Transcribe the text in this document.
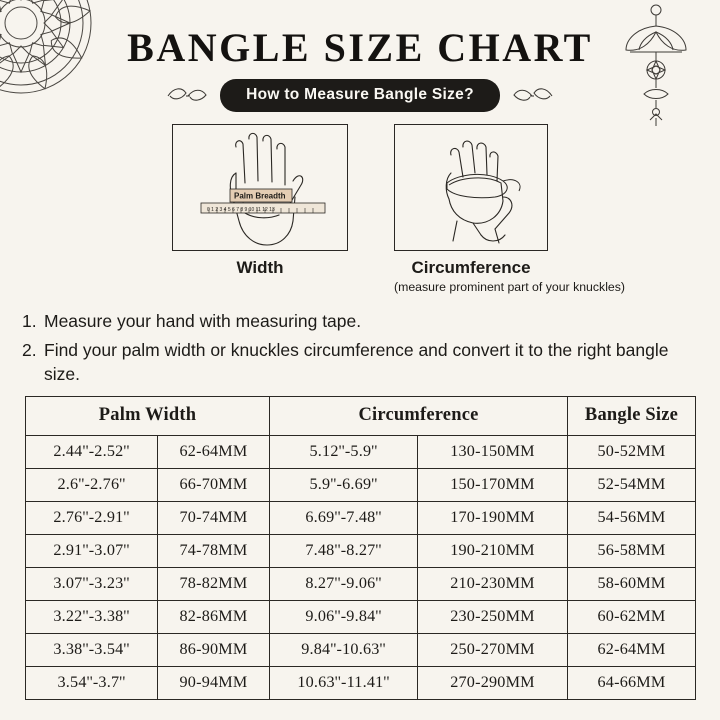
BANGLE SIZE CHART
How to Measure Bangle Size?
0 1 2 3 4 5 6 7 8 9 10 11 12 13
Palm Breadth
Width	Circumference
(measure prominent part of your knuckles)
1. Measure your hand with measuring tape.
2. Find your palm width or knuckles circumference and convert it to the right bangle size.
Palm Width		Circumference		Bangle Size
2.44''-2.52''	62-64MM	5.12''-5.9''	130-150MM	50-52MM
2.6''-2.76''	66-70MM	5.9''-6.69''	150-170MM	52-54MM
2.76''-2.91''	70-74MM	6.69''-7.48''	170-190MM	54-56MM
2.91''-3.07''	74-78MM	7.48''-8.27''	190-210MM	56-58MM
3.07''-3.23''	78-82MM	8.27''-9.06''	210-230MM	58-60MM
3.22''-3.38''	82-86MM	9.06''-9.84''	230-250MM	60-62MM
3.38''-3.54''	86-90MM	9.84''-10.63''	250-270MM	62-64MM
3.54''-3.7''	90-94MM	10.63''-11.41''	270-290MM	64-66MM
